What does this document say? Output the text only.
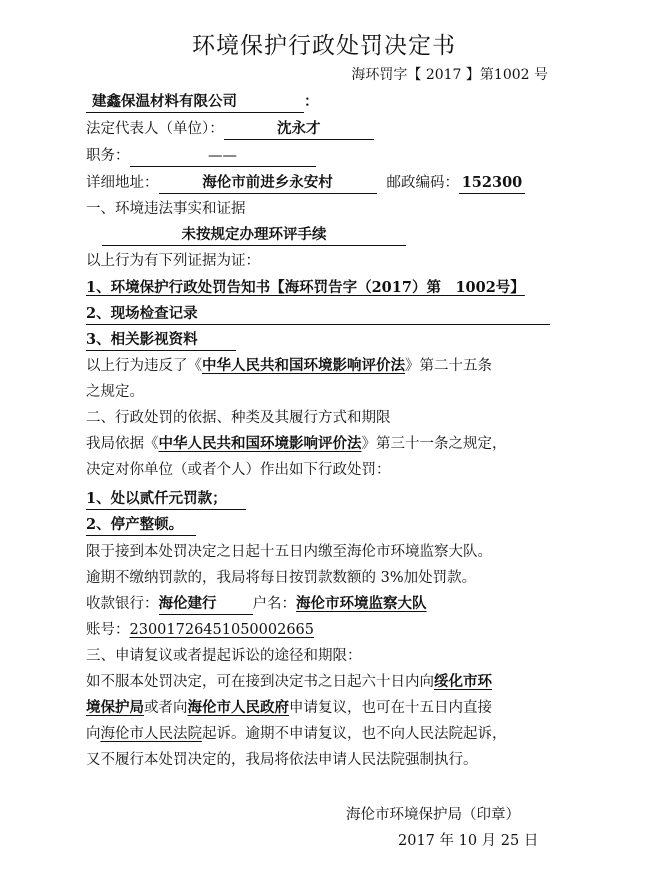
环境保护行政处罚决定书
海环罚字【 2017 】第1002 号

建鑫保温材料有限公司	：

法定代表人（单位）：	沈永才

职务：	——

详细地址：	海伦市前进乡永安村	邮政编码： 152300

一、环境违法事实和证据

未按规定办理环评手续

以上行为有下列证据为证：

1、环境保护行政处罚告知书【海环罚告字（2017）第　1002号】

2、现场检查记录

3、相关影视资料

以上行为违反了《中华人民共和国环境影响评价法》第二十五条

之规定。

二、行政处罚的依据、种类及其履行方式和期限

我局依据《中华人民共和国环境影响评价法》第三十一条之规定，

决定对你单位（或者个人）作出如下行政处罚：

1、处以贰仟元罚款；

2、停产整顿。

限于接到本处罚决定之日起十五日内缴至海伦市环境监察大队。

逾期不缴纳罚款的，我局将每日按罚款数额的 3%加处罚款。

收款银行：海伦建行 户名：海伦市环境监察大队

账号：23001726451050002665

三、申请复议或者提起诉讼的途径和期限：

如不服本处罚决定，可在接到决定书之日起六十日内向绥化市环

境保护局或者向海伦市人民政府申请复议，也可在十五日内直接

向海伦市人民法院起诉。逾期不申请复议，也不向人民法院起诉，

又不履行本处罚决定的，我局将依法申请人民法院强制执行。

海伦市环境保护局（印章）
2017 年 10 月 25 日
